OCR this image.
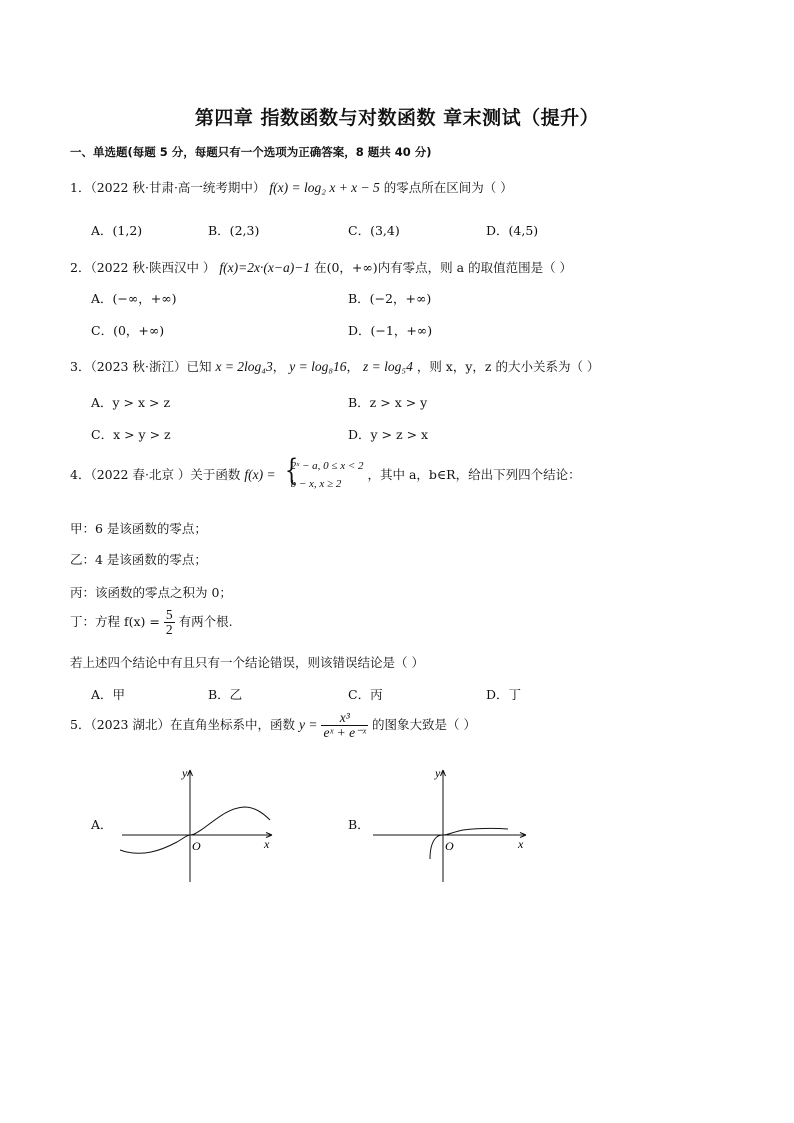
第四章 指数函数与对数函数 章末测试（提升）
一、单选题(每题 5 分，每题只有一个选项为正确答案，8 题共 40 分)
1．（2022 秋·甘肃·高一统考期中） f(x) = log₂ x + x − 5 的零点所在区间为（ ）
A．(1,2)	B．(2,3)	C．(3,4)	D．(4,5)
2．（2022 秋·陕西汉中 ） f(x)=2x·(x−a)−1 在(0，+∞)内有零点，则 a 的取值范围是（ ）
A．(−∞，+∞)	B．(−2，+∞)
C．(0，+∞)	D．(−1，+∞)
3．（2023 秋·浙江）已知 x = 2log₄3， y = log₈16， z = log₅4 ，则 x，y，z 的大小关系为（ ）
A．y > x > z	B．z > x > y
C．x > y > z	D．y > z > x
4．（2022 春·北京 ）关于函数 f(x) = {
2ˣ − a, 0 ≤ x < 2
b − x, x ≥ 2
，其中 a，b∈R，给出下列四个结论：
甲：6 是该函数的零点；
乙：4 是该函数的零点；
丙：该函数的零点之积为 0；
丁：方程 $f(x) = \frac{5}{2}$ 有两个根.
若上述四个结论中有且只有一个结论错误，则该错误结论是（ ）
A．甲	B．乙	C．丙	D．丁
5．（2023 湖北）在直角坐标系中，函数 $y = \frac{\text{x³}}{\text{eˣ + e⁻ˣ}}$ 的图象大致是（ ）
A．
x
y
O
B．
x
y
O
